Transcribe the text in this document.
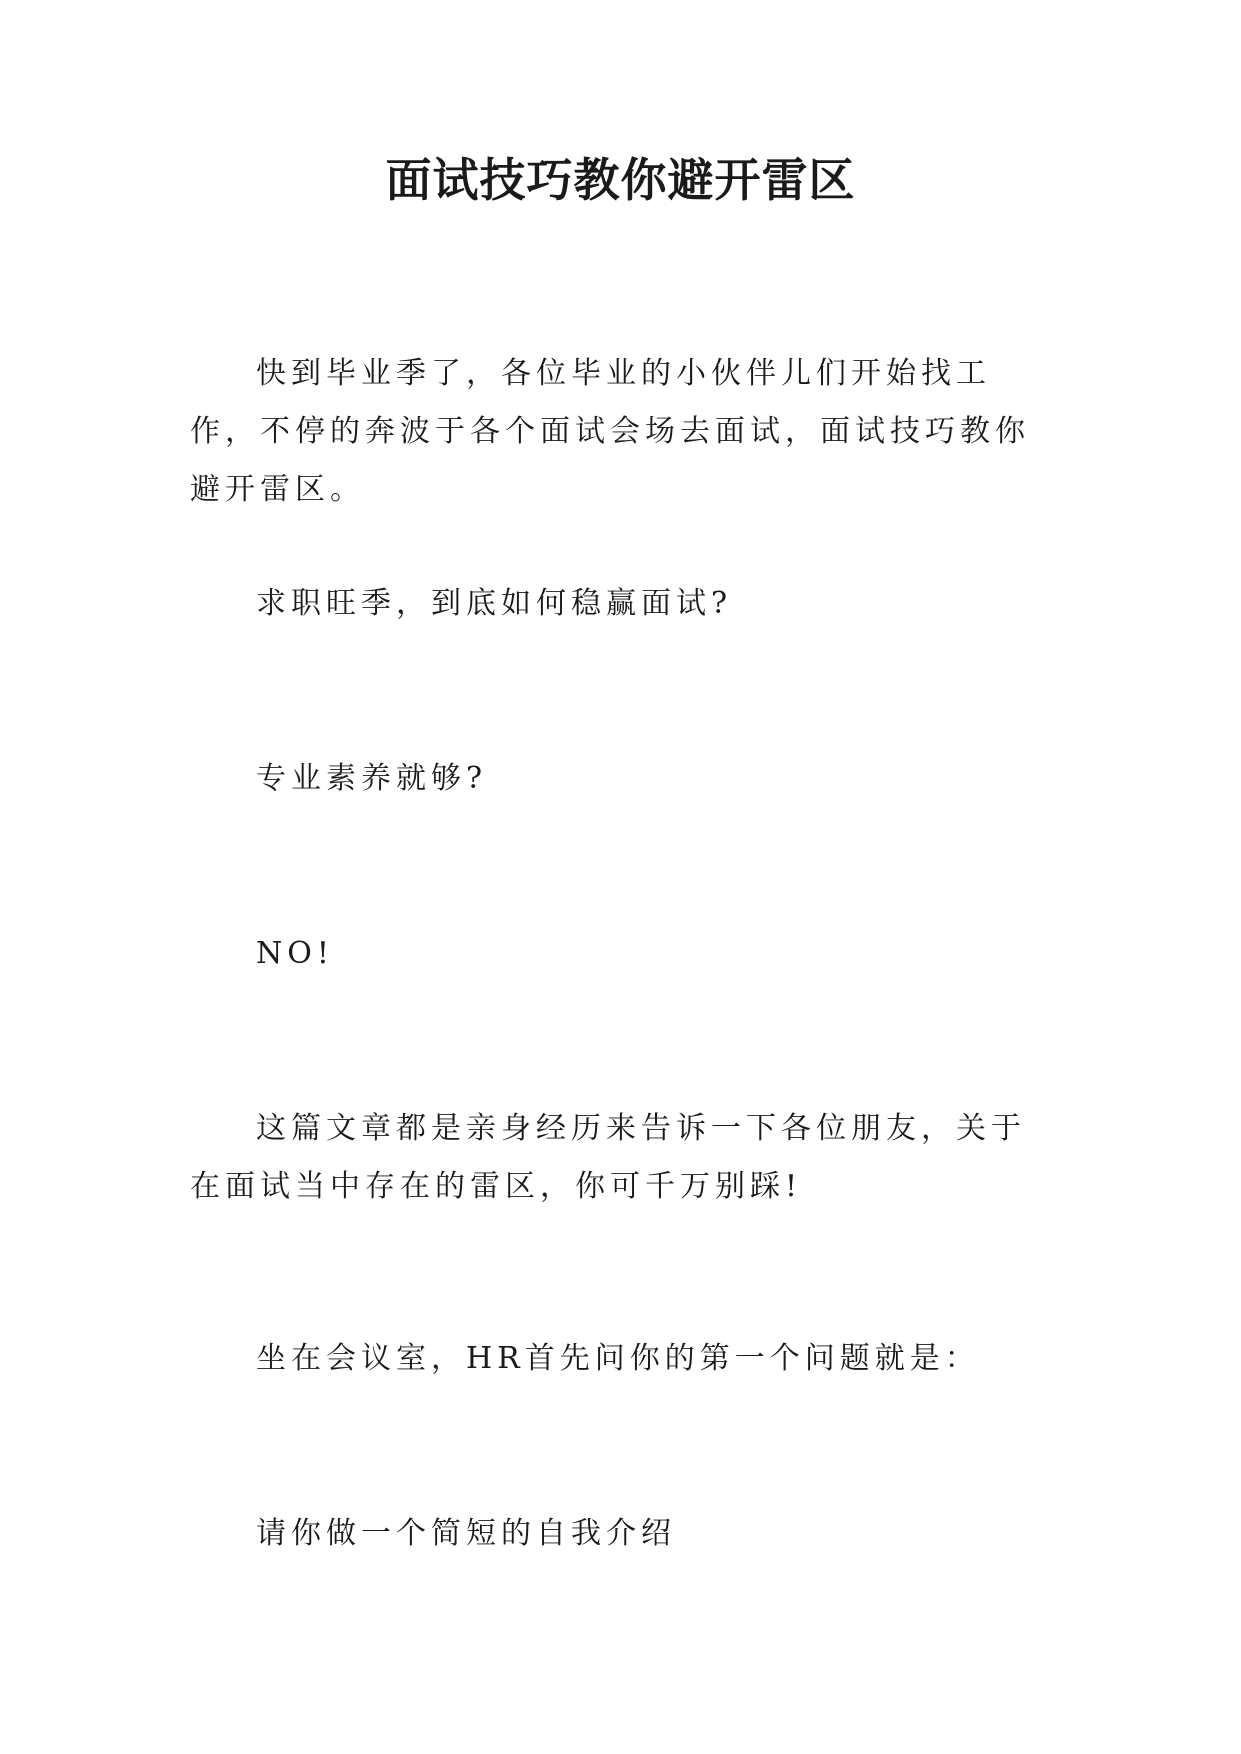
面试技巧教你避开雷区

快到毕业季了，各位毕业的小伙伴儿们开始找工作，不停的奔波于各个面试会场去面试，面试技巧教你避开雷区。

求职旺季，到底如何稳赢面试?

专业素养就够?

NO!

这篇文章都是亲身经历来告诉一下各位朋友，关于在面试当中存在的雷区，你可千万别踩!

坐在会议室，HR首先问你的第一个问题就是：

请你做一个简短的自我介绍
